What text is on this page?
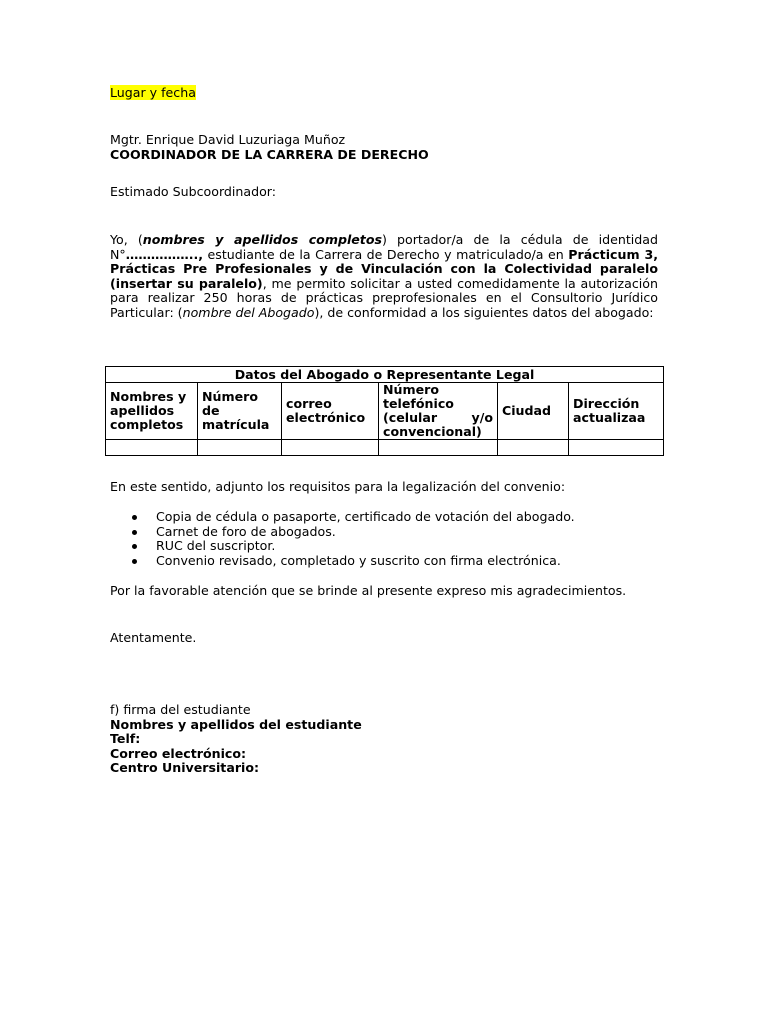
Lugar y fecha
Mgtr. Enrique David Luzuriaga Muñoz
COORDINADOR DE LA CARRERA DE DERECHO
Estimado Subcoordinador:
Yo, (nombres y apellidos completos) portador/a de la cédula de identidad
N°…………….., estudiante de la Carrera de Derecho y matriculado/a en Prácticum 3, Prácticas Pre Profesionales y de Vinculación con la Colectividad paralelo (insertar su paralelo), me permito solicitar a usted comedidamente la autorización para realizar 250 horas de prácticas preprofesionales en el Consultorio Jurídico Particular: (nombre del Abogado), de conformidad a los siguientes datos del abogado:
Datos del Abogado o Representante Legal					
Nombres y apellidos completos	Número de matrícula	correo electrónico	Número telefónico (celular y/o convencional)	Ciudad	Dirección actualizaa

En este sentido, adjunto los requisitos para la legalización del convenio:
Copia de cédula o pasaporte, certificado de votación del abogado.
Carnet de foro de abogados.
RUC del suscriptor.
Convenio revisado, completado y suscrito con firma electrónica.
Por la favorable atención que se brinde al presente expreso mis agradecimientos.
Atentamente.
f) firma del estudiante
Nombres y apellidos del estudiante
Telf:
Correo electrónico:
Centro Universitario:
